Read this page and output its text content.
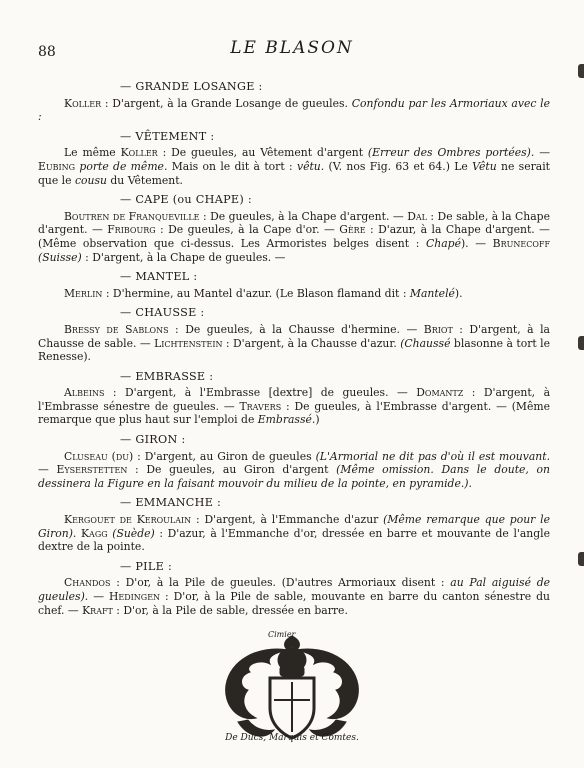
88	LE BLASON
— GRANDE LOSANGE :

Koller : D'argent, à la Grande Losange de gueules. Confondu par les Armoriaux avec le :

— VÊTEMENT :

Le même Koller : De gueules, au Vêtement d'argent (Erreur des Ombres portées). — Eubing porte de même. Mais on le dit à tort : vêtu. (V. nos Fig. 63 et 64.) Le Vêtu ne serait que le cousu du Vêtement.

— CAPE (ou CHAPE) :

Boutren de Franqueville : De gueules, à la Chape d'argent. — Dal : De sable, à la Chape d'argent. — Fribourg : De gueules, à la Cape d'or. — Gère : D'azur, à la Chape d'argent. — (Même observation que ci-dessus. Les Armoristes belges disent : Chapé). — Brunecoff (Suisse) : D'argent, à la Chape de gueules. —

— MANTEL :

Merlin : D'hermine, au Mantel d'azur. (Le Blason flamand dit : Mantelé).

— CHAUSSE :

Bressy de Sablons : De gueules, à la Chausse d'hermine. — Briot : D'argent, à la Chausse de sable. — Lichtenstein : D'argent, à la Chausse d'azur. (Chaussé blasonne à tort le Renesse).

— EMBRASSE :

Albeins : D'argent, à l'Embrasse [dextre] de gueules. — Domantz : D'argent, à l'Embrasse sénestre de gueules. — Travers : De gueules, à l'Embrasse d'argent. — (Même remarque que plus haut sur l'emploi de Embrassé.)

— GIRON :

Cluseau (du) : D'argent, au Giron de gueules (L'Armorial ne dit pas d'où il est mouvant. — Eyserstetten : De gueules, au Giron d'argent (Même omission. Dans le doute, on dessinera la Figure en la faisant mouvoir du milieu de la pointe, en pyramide.).

— EMMANCHE :

Kergouet de Keroulain : D'argent, à l'Emmanche d'azur (Même remarque que pour le Giron). Kagg (Suède) : D'azur, à l'Emmanche d'or, dressée en barre et mouvante de l'angle dextre de la pointe.

— PILE :

Chandos : D'or, à la Pile de gueules. (D'autres Armoriaux disent : au Pal aiguisé de gueules). — Hedingen : D'or, à la Pile de sable, mouvante en barre du canton sénestre du chef. — Kraft : D'or, à la Pile de sable, dressée en barre.

Cimier
De Ducs, Marquis et Comtes.
